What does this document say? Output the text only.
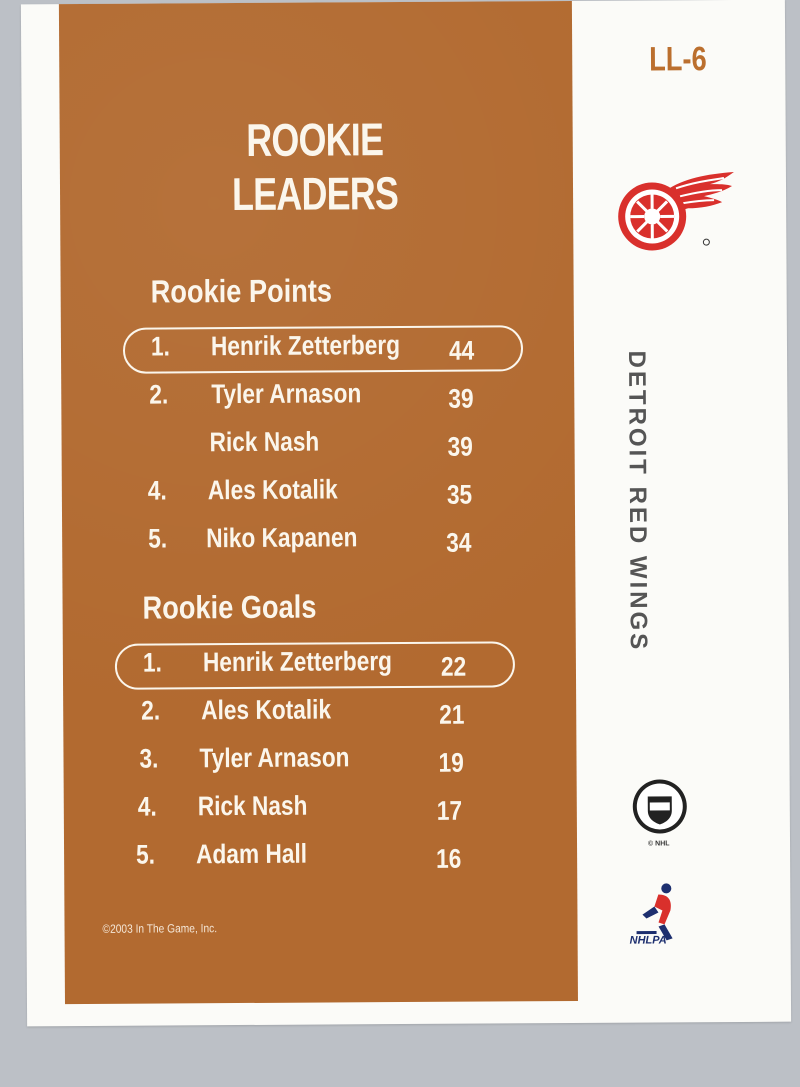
ROOKIE LEADERS
Rookie Points
1. Henrik Zetterberg 44
2. Tyler Arnason	39
Rick Nash	39
4. Ales Kotalik	35
5. Niko Kapanen	34
Rookie Goals
1. Henrik Zetterberg 22
2. Ales Kotalik	21
3. Tyler Arnason	19
4. Rick Nash	17
5. Adam Hall	16
©2003 In The Game, Inc.
LL-6
DETROIT RED WINGS
© NHL
NHLPA
